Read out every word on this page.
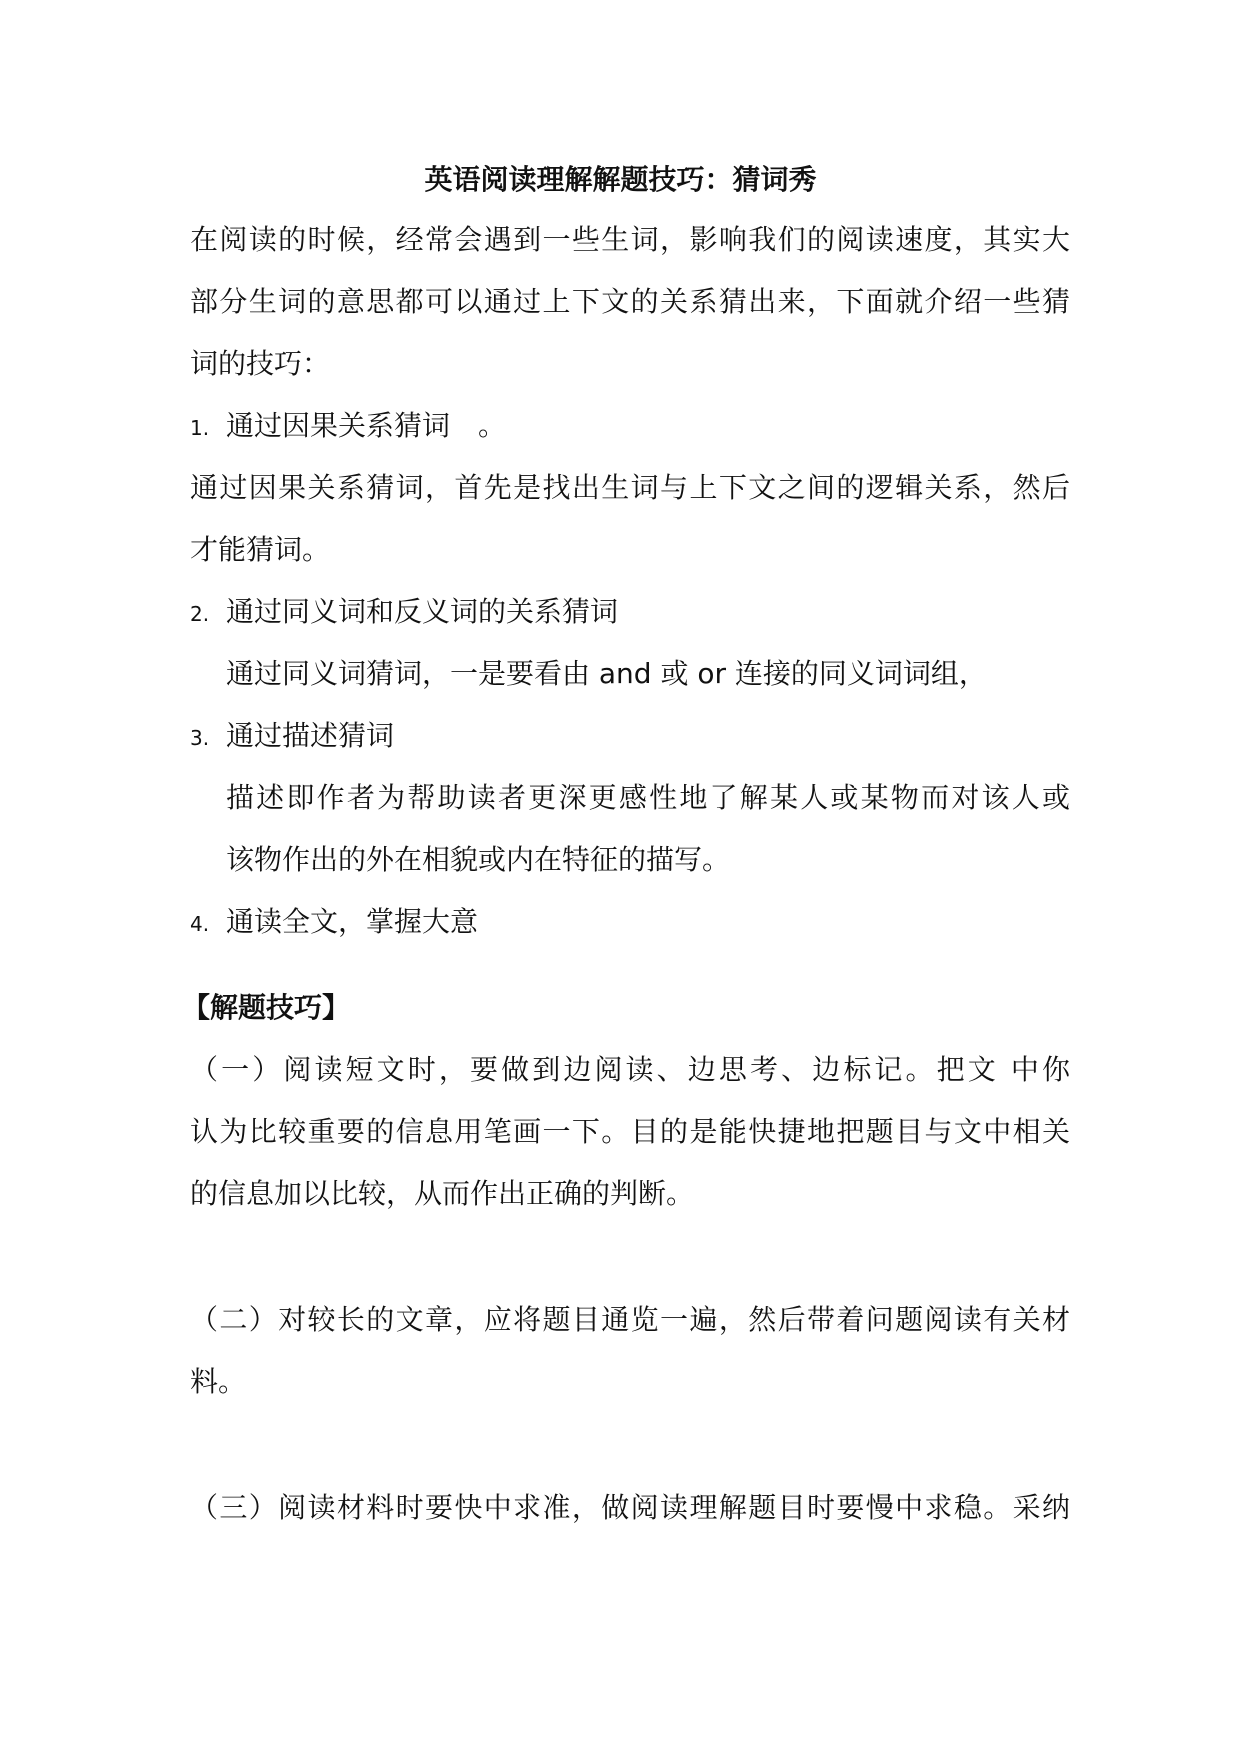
英语阅读理解解题技巧：猜词秀

在阅读的时候，经常会遇到一些生词，影响我们的阅读速度，其实大

部分生词的意思都可以通过上下文的关系猜出来，下面就介绍一些猜

词的技巧：

1. 通过因果关系猜词　。

通过因果关系猜词，首先是找出生词与上下文之间的逻辑关系，然后

才能猜词。

2. 通过同义词和反义词的关系猜词

通过同义词猜词，一是要看由 and 或 or 连接的同义词词组，

3. 通过描述猜词

描述即作者为帮助读者更深更感性地了解某人或某物而对该人或

该物作出的外在相貌或内在特征的描写。

4. 通读全文，掌握大意

【解题技巧】

（一）阅读短文时，要做到边阅读、边思考、边标记。把文 中你

认为比较重要的信息用笔画一下。目的是能快捷地把题目与文中相关

的信息加以比较，从而作出正确的判断。

（二）对较长的文章，应将题目通览一遍，然后带着问题阅读有关材

料。

（三）阅读材料时要快中求准，做阅读理解题目时要慢中求稳。采纳
